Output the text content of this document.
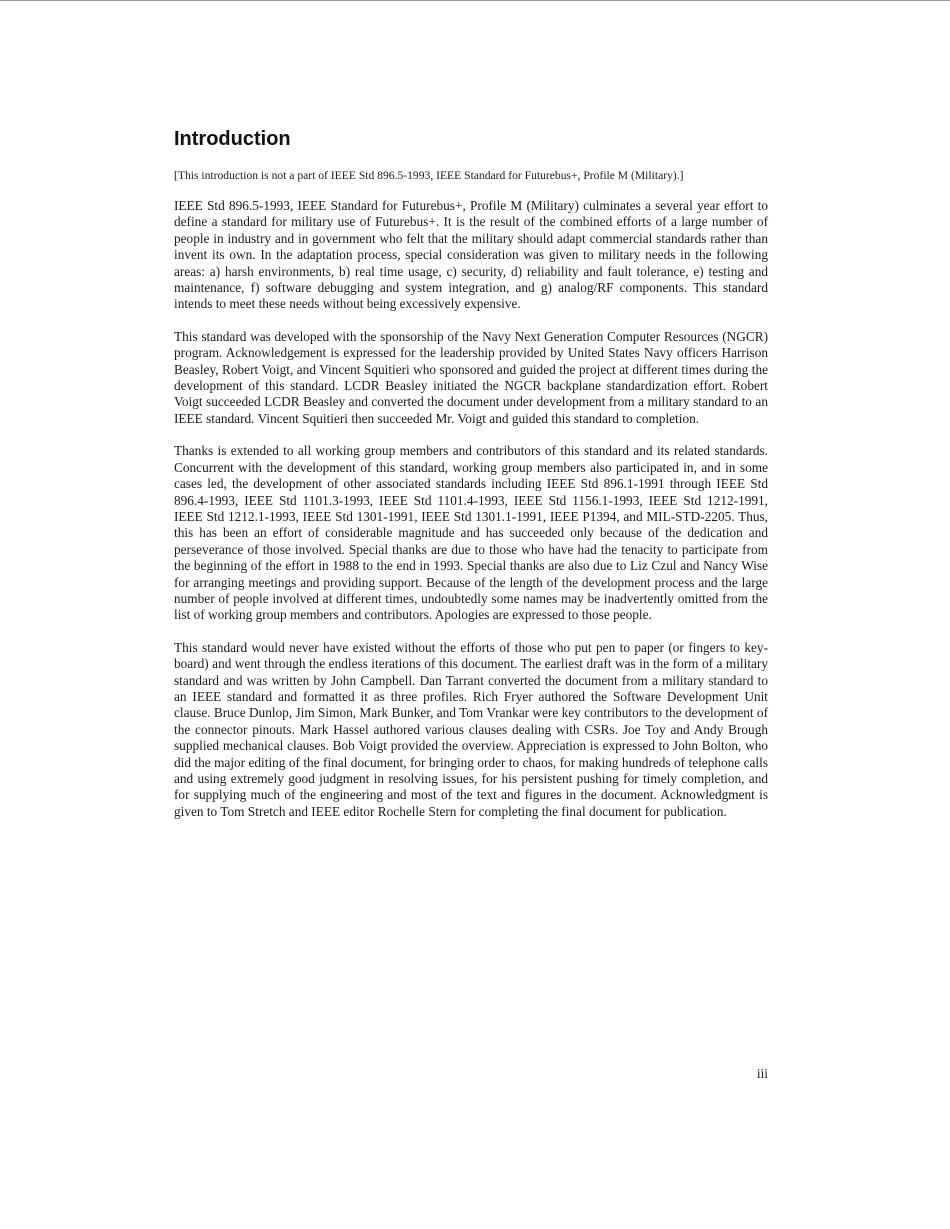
Introduction

[This introduction is not a part of IEEE Std 896.5-1993, IEEE Standard for Futurebus+, Profile M (Military).]

IEEE Std 896.5-1993, IEEE Standard for Futurebus+, Profile M (Military) culminates a several year effort to define a standard for military use of Futurebus+. It is the result of the combined efforts of a large number of people in industry and in government who felt that the military should adapt commercial standards rather than invent its own. In the adaptation process, special consideration was given to military needs in the following areas: a) harsh environments, b) real time usage, c) security, d) reliability and fault tolerance, e) testing and maintenance, f) software debugging and system integration, and g) analog/RF components. This standard intends to meet these needs without being excessively expensive.

This standard was developed with the sponsorship of the Navy Next Generation Computer Resources (NGCR) program. Acknowledgement is expressed for the leadership provided by United States Navy officers Harrison Beasley, Robert Voigt, and Vincent Squitieri who sponsored and guided the project at different times during the development of this standard. LCDR Beasley initiated the NGCR backplane standardization effort. Robert Voigt succeeded LCDR Beasley and converted the document under development from a military standard to an IEEE standard. Vincent Squitieri then succeeded Mr. Voigt and guided this standard to completion.

Thanks is extended to all working group members and contributors of this standard and its related standards. Concurrent with the development of this standard, working group members also participated in, and in some cases led, the development of other associated standards including IEEE Std 896.1-1991 through IEEE Std 896.4-1993, IEEE Std 1101.3-1993, IEEE Std 1101.4-1993, IEEE Std 1156.1-1993, IEEE Std 1212-1991, IEEE Std 1212.1-1993, IEEE Std 1301-1991, IEEE Std 1301.1-1991, IEEE P1394, and MIL-STD-2205. Thus, this has been an effort of considerable magnitude and has succeeded only because of the dedication and perseverance of those involved. Special thanks are due to those who have had the tenacity to participate from the beginning of the effort in 1988 to the end in 1993. Special thanks are also due to Liz Czul and Nancy Wise for arranging meetings and providing support. Because of the length of the development process and the large number of people involved at different times, undoubtedly some names may be inadvertently omitted from the list of working group members and contributors. Apologies are expressed to those people.

This standard would never have existed without the efforts of those who put pen to paper (or fingers to keyboard) and went through the endless iterations of this document. The earliest draft was in the form of a military standard and was written by John Campbell. Dan Tarrant converted the document from a military standard to an IEEE standard and formatted it as three profiles. Rich Fryer authored the Software Development Unit clause. Bruce Dunlop, Jim Simon, Mark Bunker, and Tom Vrankar were key contributors to the development of the connector pinouts. Mark Hassel authored various clauses dealing with CSRs. Joe Toy and Andy Brough supplied mechanical clauses. Bob Voigt provided the overview. Appreciation is expressed to John Bolton, who did the major editing of the final document, for bringing order to chaos, for making hundreds of telephone calls and using extremely good judgment in resolving issues, for his persistent pushing for timely completion, and for supplying much of the engineering and most of the text and figures in the document. Acknowledgment is given to Tom Stretch and IEEE editor Rochelle Stern for completing the final document for publication.

iii
